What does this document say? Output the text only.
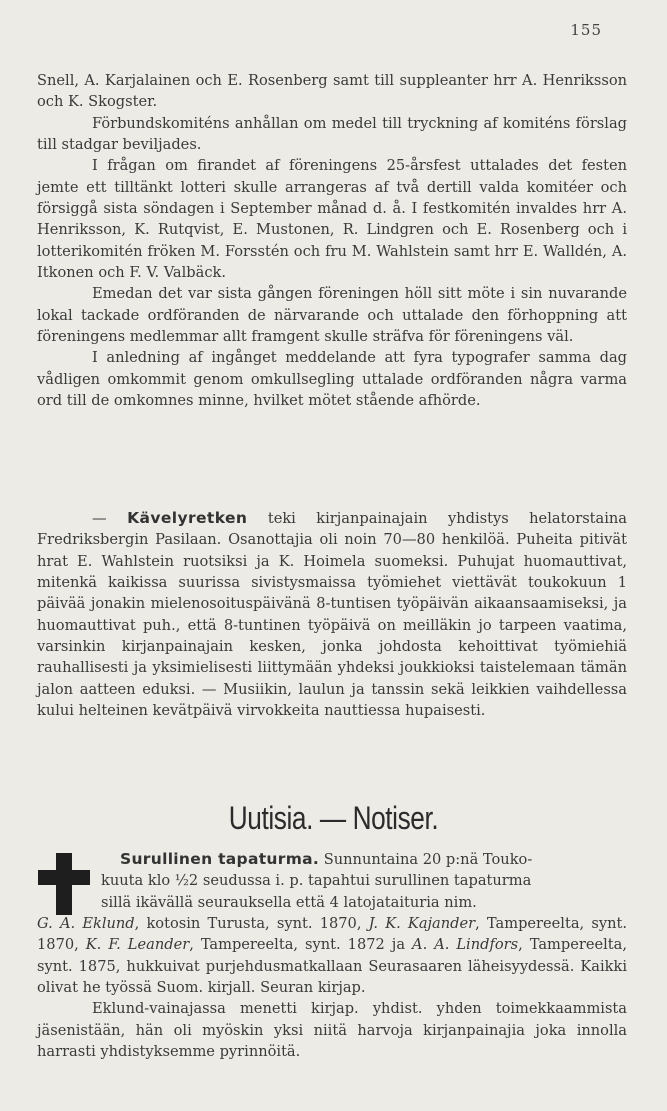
155

Snell, A. Karjalainen och E. Rosenberg samt till suppleanter hrr A. Henriksson och K. Skogster.

Förbundskomiténs anhållan om medel till tryckning af komiténs förslag till stadgar beviljades.

I frågan om firandet af föreningens 25-årsfest uttalades det festen jemte ett tilltänkt lotteri skulle arrangeras af två dertill valda komitéer och försiggå sista söndagen i September månad d. å. I festkomitén invaldes hrr A. Henriksson, K. Rutqvist, E. Mustonen, R. Lindgren och E. Rosenberg och i lotterikomitén fröken M. Forsstén och fru M. Wahlstein samt hrr E. Walldén, A. Itkonen och F. V. Valbäck.

Emedan det var sista gången föreningen höll sitt möte i sin nuvarande lokal tackade ordföranden de närvarande och uttalade den förhoppning att föreningens medlemmar allt framgent skulle sträfva för föreningens väl.

I anledning af ingånget meddelande att fyra typografer samma dag vådligen omkommit genom omkullsegling uttalade ordföranden några varma ord till de omkomnes minne, hvilket mötet stående afhörde.

— Kävelyretken teki kirjanpainajain yhdistys helatorstaina Fredriksbergin Pasilaan. Osanottajia oli noin 70—80 henkilöä. Puheita pitivät hrat E. Wahlstein ruotsiksi ja K. Hoimela suomeksi. Puhujat huomauttivat, mitenkä kaikissa suurissa sivistysmaissa työmiehet viettävät toukokuun 1 päivää jonakin mielenosoituspäivänä 8-tuntisen työpäivän aikaansaamiseksi, ja huomauttivat puh., että 8-tuntinen työpäivä on meilläkin jo tarpeen vaatima, varsinkin kirjanpainajain kesken, jonka johdosta kehoittivat työmiehiä rauhallisesti ja yksimielisesti liittymään yhdeksi joukkioksi taistelemaan tämän jalon aatteen eduksi. — Musiikin, laulun ja tanssin sekä leikkien vaihdellessa kului helteinen kevätpäivä virvokkeita nauttiessa hupaisesti.

Uutisia. — Notiser.

Surullinen tapaturma. Sunnuntaina 20 p:nä Touko-
kuuta klo ½2 seudussa i. p. tapahtui surullinen tapaturma
sillä ikävällä seurauksella että 4 latojataituria nim.
G. A. Eklund, kotosin Turusta, synt. 1870, J. K. Kajander, Tampereelta, synt. 1870, K. F. Leander, Tampereelta, synt. 1872 ja A. A. Lindfors, Tampereelta, synt. 1875, hukkuivat purjehdusmatkallaan Seurasaaren läheisyydessä. Kaikki olivat he työssä Suom. kirjall. Seuran kirjap.

Eklund-vainajassa menetti kirjap. yhdist. yhden toimekkaammista jäsenistään, hän oli myöskin yksi niitä harvoja kirjanpainajia joka innolla harrasti yhdistyksemme pyrinnöitä.
